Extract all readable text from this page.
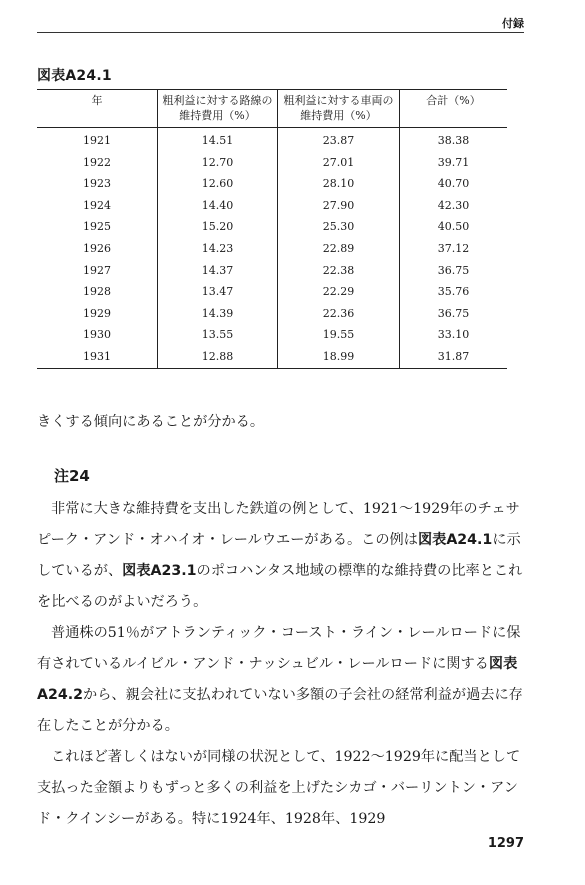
付録
図表A24.1
年	粗利益に対する路線の維持費用（%）	粗利益に対する車両の維持費用（%）	合計（%）
1921	14.51	23.87	38.38
1922	12.70	27.01	39.71
1923	12.60	28.10	40.70
1924	14.40	27.90	42.30
1925	15.20	25.30	40.50
1926	14.23	22.89	37.12
1927	14.37	22.38	36.75
1928	13.47	22.29	35.76
1929	14.39	22.36	36.75
1930	13.55	19.55	33.10
1931	12.88	18.99	31.87

きくする傾向にあることが分かる。

注24

非常に大きな維持費を支出した鉄道の例として、1921～1929年のチェサピーク・アンド・オハイオ・レールウエーがある。この例は図表A24.1に示しているが、図表A23.1のポコハンタス地域の標準的な維持費の比率とこれを比べるのがよいだろう。

普通株の51％がアトランティック・コースト・ライン・レールロードに保有されているルイビル・アンド・ナッシュビル・レールロードに関する図表A24.2から、親会社に支払われていない多額の子会社の経常利益が過去に存在したことが分かる。

これほど著しくはないが同様の状況として、1922～1929年に配当として支払った金額よりもずっと多くの利益を上げたシカゴ・バーリントン・アンド・クインシーがある。特に1924年、1928年、1929

1297
